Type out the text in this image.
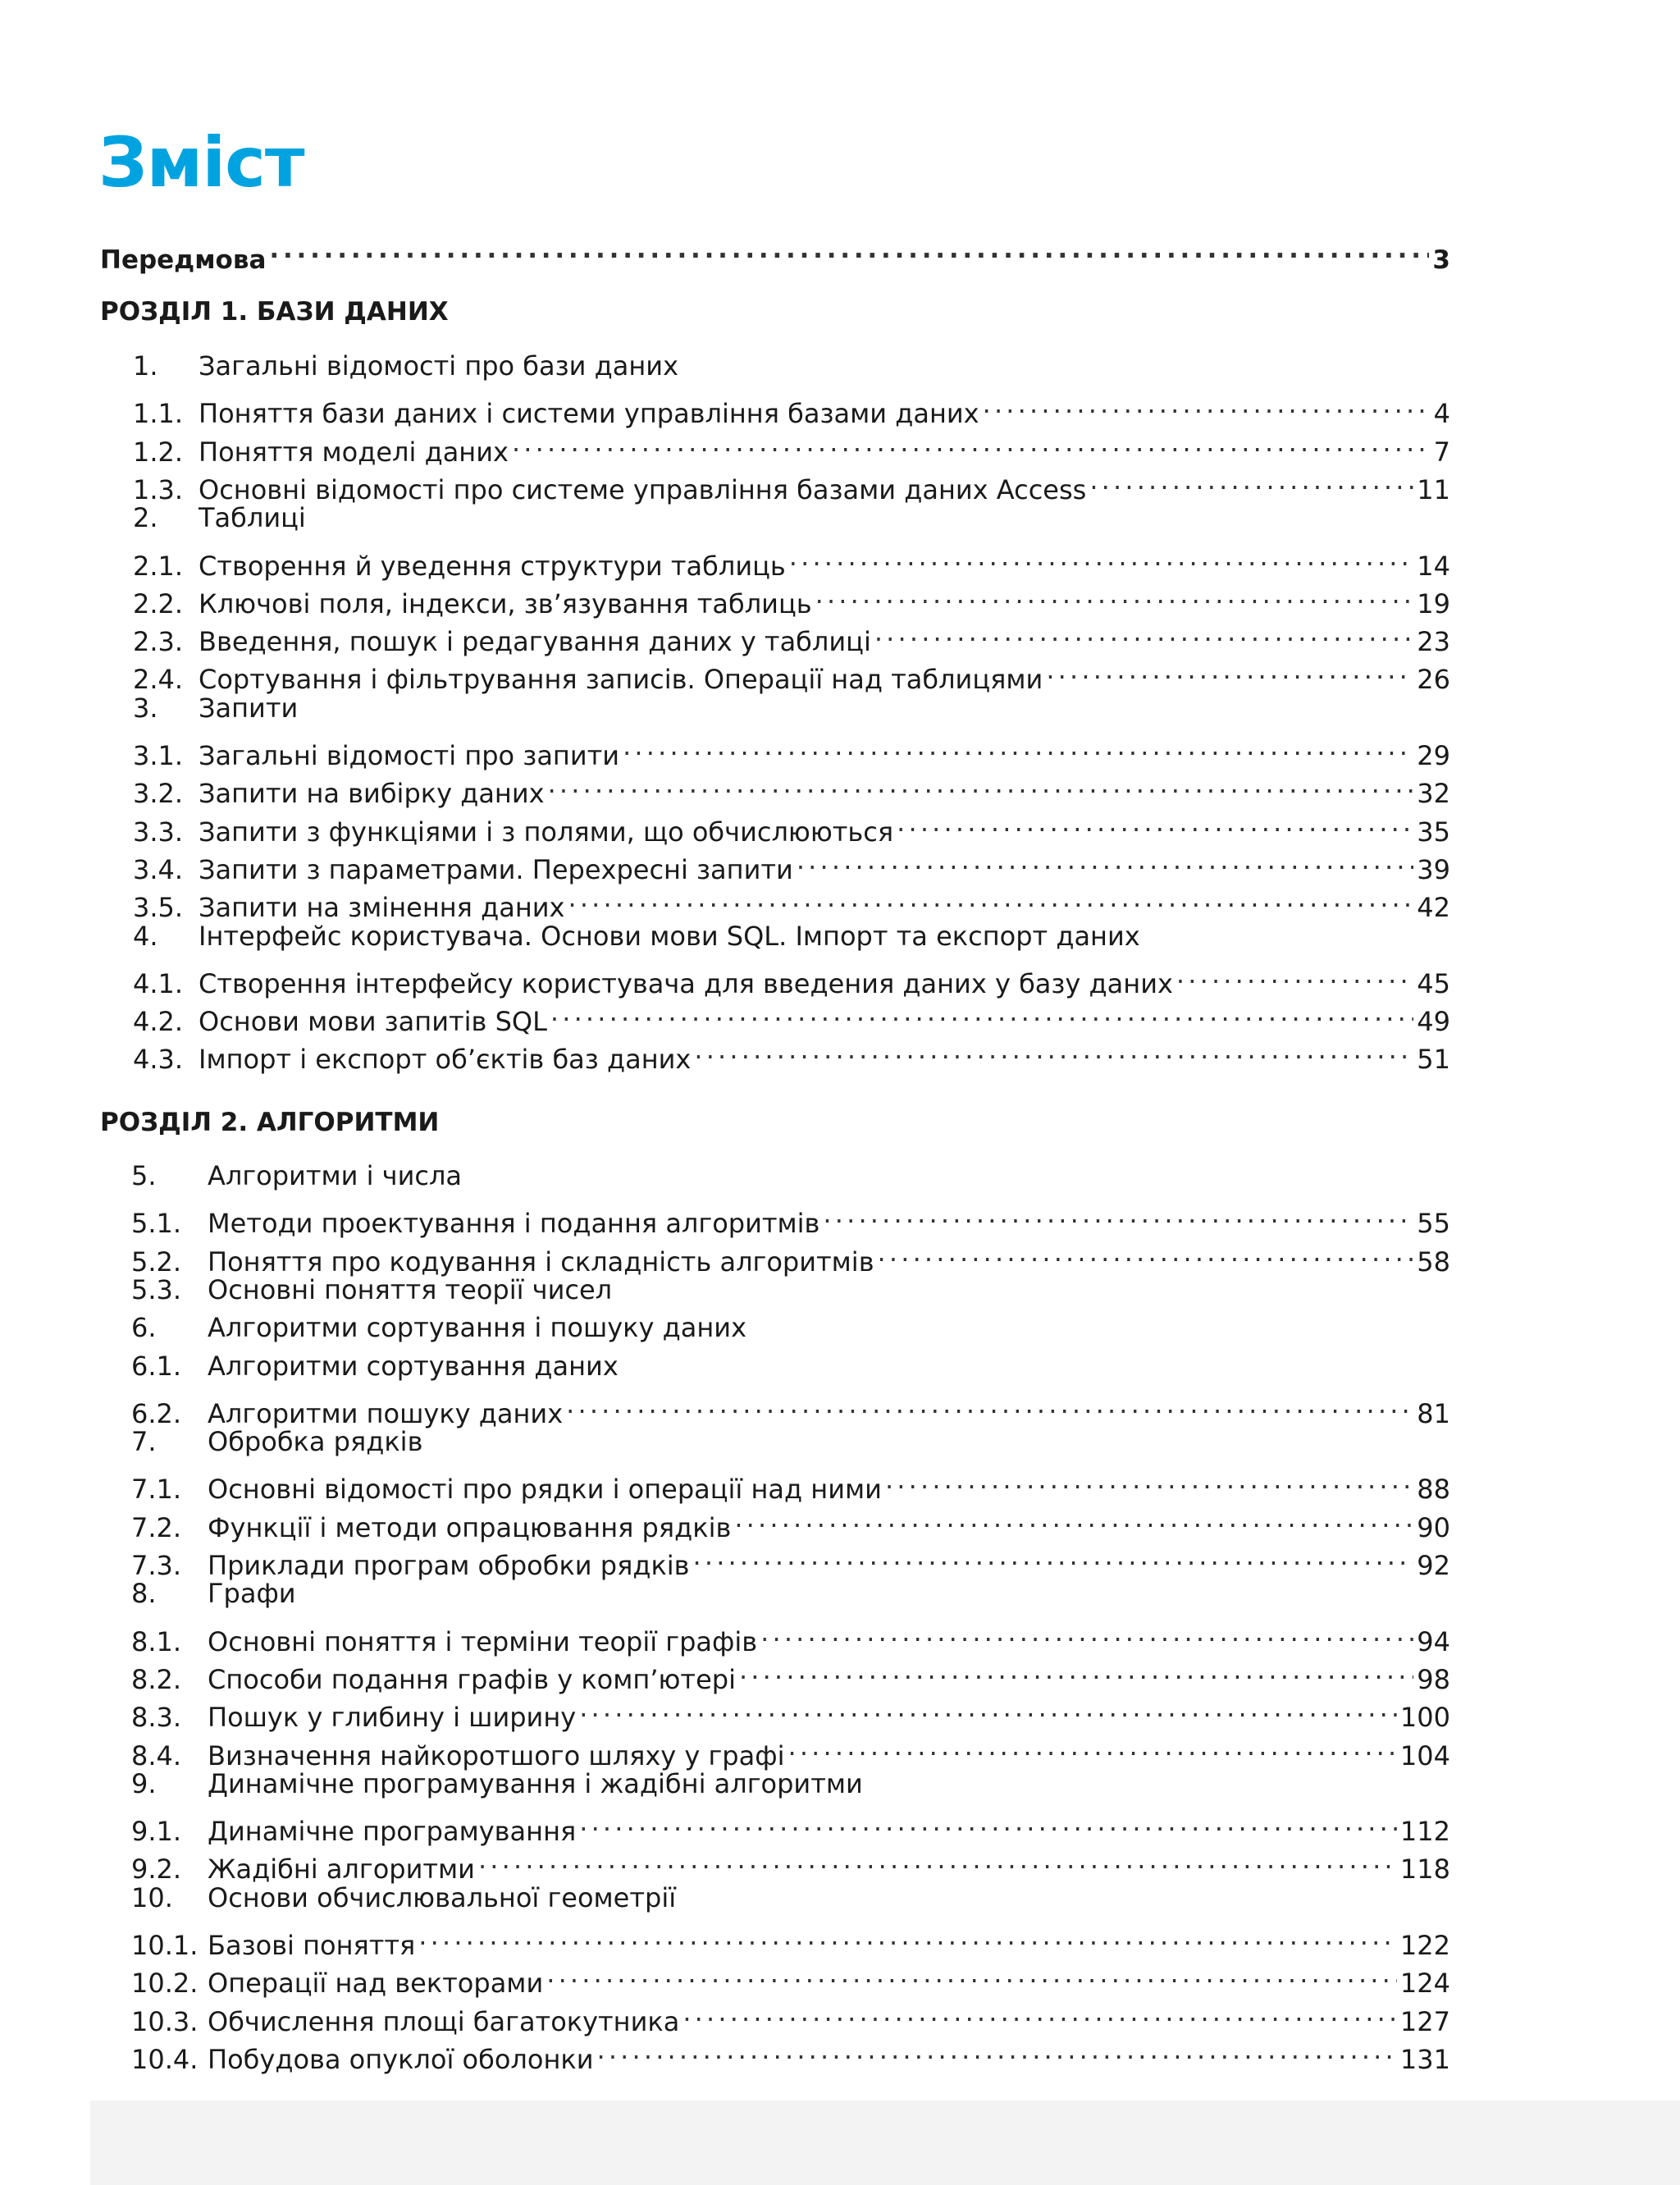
Зміст
Передмова . . .	3
РОЗДІЛ 1. БАЗИ ДАНИХ
1.	Загальні відомості про бази даних
1.1. Поняття бази даних і системи управління базами даних . . .	4
1.2. Поняття моделі даних . . .	7
1.3. Основні відомості про системе управління базами даних Access . . .	11
2.	Таблиці
2.1. Створення й уведення структури таблиць . . .	14
2.2. Ключові поля, індекси, зв’язування таблиць . . .	19
2.3. Введення, пошук і редагування даних у таблиці . . .	23
2.4. Сортування і фільтрування записів. Операції над таблицями . . .	26
3.	Запити
3.1. Загальні відомості про запити . . .	29
3.2. Запити на вибірку даних . . .	32
3.3. Запити з функціями і з полями, що обчислюються . . .	35
3.4. Запити з параметрами. Перехресні запити . . .	39
3.5. Запити на змінення даних . . .	42
4.	Інтерфейс користувача. Основи мови SQL. Імпорт та експорт даних
4.1. Створення інтерфейсу користувача для введения даних у базу даних . . .	45
4.2. Основи мови запитів SQL . . .	49
4.3. Імпорт і експорт об’єктів баз даних . . .	51
РОЗДІЛ 2. АЛГОРИТМИ
5.	Алгоритми і числа
5.1. Методи проектування і подання алгоритмів . . .	55
5.2. Поняття про кодування і складність алгоритмів . . .	58
5.3. Основні поняття теорії чисел
6.	Алгоритми сортування і пошуку даних
6.1. Алгоритми сортування даних
6.2. Алгоритми пошуку даних . . .	81
7.	Обробка рядків
7.1. Основні відомості про рядки і операції над ними . . .	88
7.2. Функції і методи опрацювання рядків . . .	90
7.3. Приклади програм обробки рядків . . .	92
8.	Графи
8.1. Основні поняття і терміни теорії графів . . .	94
8.2. Способи подання графів у комп’ютері . . .	98
8.3. Пошук у глибину і ширину . . .	100
8.4. Визначення найкоротшого шляху у графі . . .	104
9.	Динамічне програмування і жадібні алгоритми
9.1. Динамічне програмування . . .	112
9.2. Жадібні алгоритми . . .	118
10.	Основи обчислювальної геометрії
10.1. Базові поняття . . .	122
10.2. Операції над векторами . . .	124
10.3. Обчислення площі багатокутника . . .	127
10.4. Побудова опуклої оболонки . . .	131
